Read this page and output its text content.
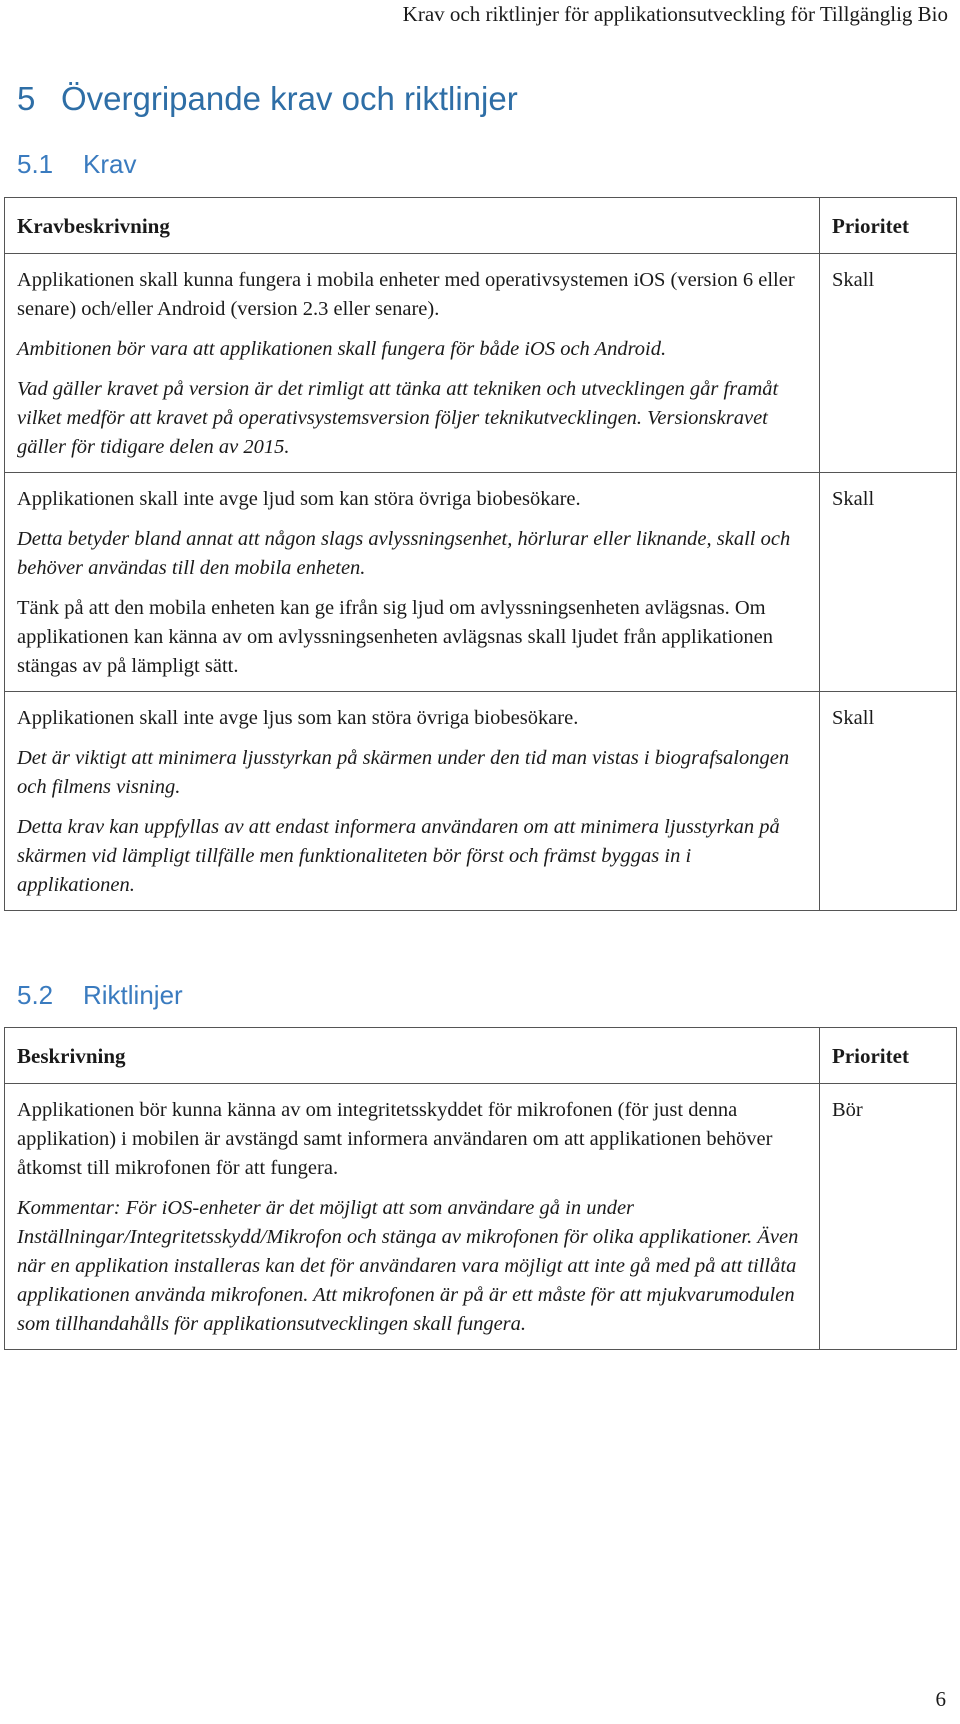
Krav och riktlinjer för applikationsutveckling för Tillgänglig Bio
5 Övergripande krav och riktlinjer
5.1 Krav
Kravbeskrivning	Prioritet

Applikationen skall kunna fungera i mobila enheter med operativsystemen iOS (version 6 eller senare) och/eller Android (version 2.3 eller senare).

Ambitionen bör vara att applikationen skall fungera för både iOS och Android.

Vad gäller kravet på version är det rimligt att tänka att tekniken och utvecklingen går framåt vilket medför att kravet på operativsystemsversion följer teknikutvecklingen. Versionskravet gäller för tidigare delen av 2015.	Skall

Applikationen skall inte avge ljud som kan störa övriga biobesökare.

Detta betyder bland annat att någon slags avlyssningsenhet, hörlurar eller liknande, skall och behöver användas till den mobila enheten.

Tänk på att den mobila enheten kan ge ifrån sig ljud om avlyssningsenheten avlägsnas. Om applikationen kan känna av om avlyssningsenheten avlägsnas skall ljudet från applikationen stängas av på lämpligt sätt.	Skall

Applikationen skall inte avge ljus som kan störa övriga biobesökare.

Det är viktigt att minimera ljusstyrkan på skärmen under den tid man vistas i biografsalongen och filmens visning.

Detta krav kan uppfyllas av att endast informera användaren om att minimera ljusstyrkan på skärmen vid lämpligt tillfälle men funktionaliteten bör först och främst byggas in i applikationen.	Skall
5.2 Riktlinjer
Beskrivning	Prioritet

Applikationen bör kunna känna av om integritetsskyddet för mikrofonen (för just denna applikation) i mobilen är avstängd samt informera användaren om att applikationen behöver åtkomst till mikrofonen för att fungera.

Kommentar: För iOS-enheter är det möjligt att som användare gå in under Inställningar/Integritetsskydd/Mikrofon och stänga av mikrofonen för olika applikationer. Även när en applikation installeras kan det för användaren vara möjligt att inte gå med på att tillåta applikationen använda mikrofonen. Att mikrofonen är på är ett måste för att mjukvarumodulen som tillhandahålls för applikationsutvecklingen skall fungera.	Bör
6
